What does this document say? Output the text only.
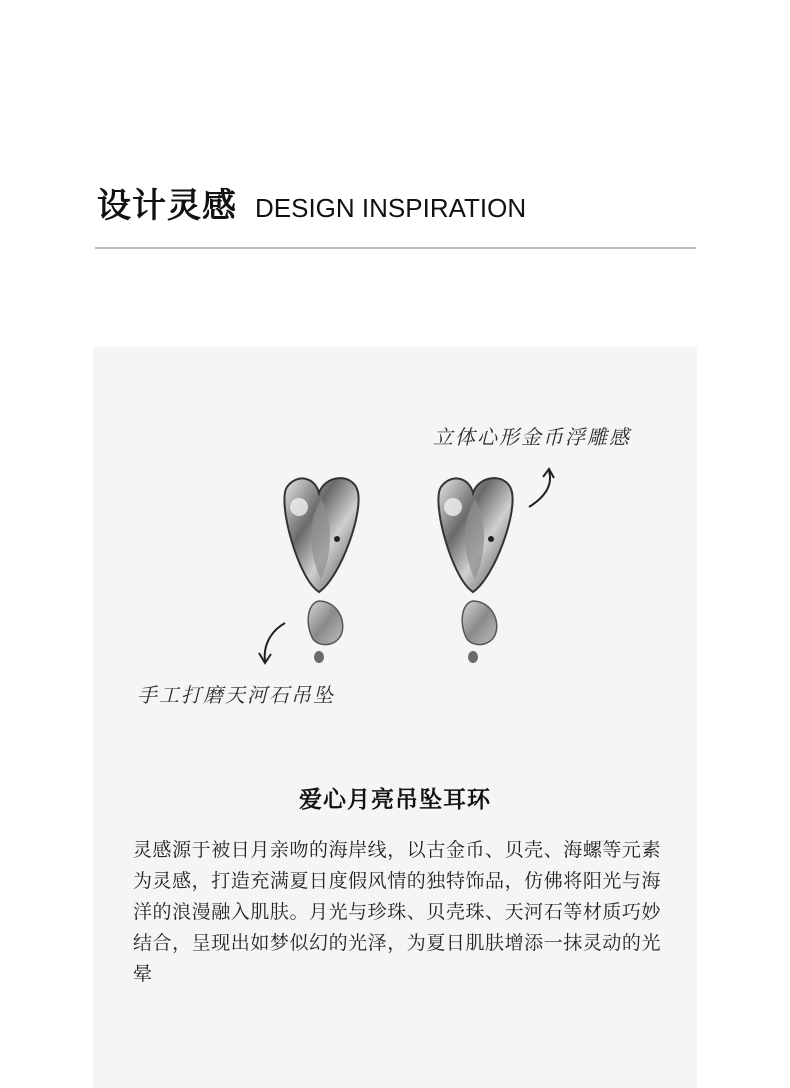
设计灵感 DESIGN INSPIRATION
立体心形金币浮雕感
手工打磨天河石吊坠
爱心月亮吊坠耳环
灵感源于被日月亲吻的海岸线，以古金币、贝壳、海螺等元素为灵感，打造充满夏日度假风情的独特饰品，仿佛将阳光与海洋的浪漫融入肌肤。月光与珍珠、贝壳珠、天河石等材质巧妙结合，呈现出如梦似幻的光泽，为夏日肌肤增添一抹灵动的光晕
